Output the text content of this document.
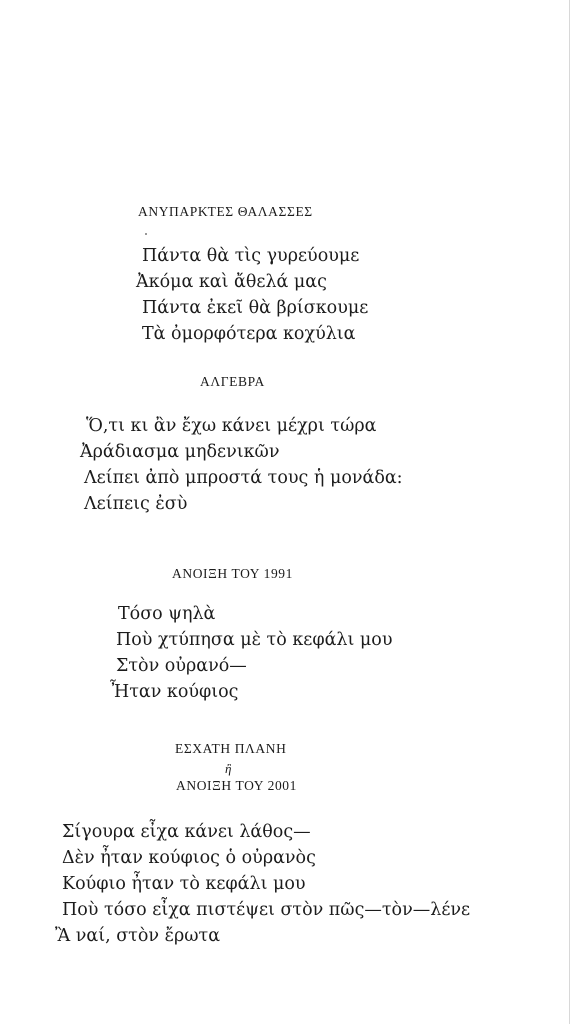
ΑΝΥΠΑΡΚΤΕΣ ΘΑΛΑΣΣΕΣ
Πάντα θὰ τὶς γυρεύουμε
Ἀκόμα καὶ ἄθελά μας
Πάντα ἐκεῖ θὰ βρίσκουμε
Τὰ ὀμορφότερα κοχύλια
ΑΛΓΕΒΡΑ
Ὅ,τι κι ἂν ἔχω κάνει μέχρι τώρα
Ἀράδιασμα μηδενικῶν
Λείπει ἀπὸ μπροστά τους ἡ μονάδα:
Λείπεις ἐσὺ
ΑΝΟΙΞΗ ΤΟΥ 1991
Τόσο ψηλὰ
Ποὺ χτύπησα μὲ τὸ κεφάλι μου
Στὸν οὐρανό—
Ἦταν κούφιος
ΕΣΧΑΤΗ ΠΛΑΝΗ
ἢ
ΑΝΟΙΞΗ ΤΟΥ 2001
Σίγουρα εἶχα κάνει λάθος—
Δὲν ἦταν κούφιος ὁ οὐρανὸς
Κούφιο ἦταν τὸ κεφάλι μου
Ποὺ τόσο εἶχα πιστέψει στὸν πῶς—τὸν—λένε
Ἂ ναί, στὸν ἔρωτα
